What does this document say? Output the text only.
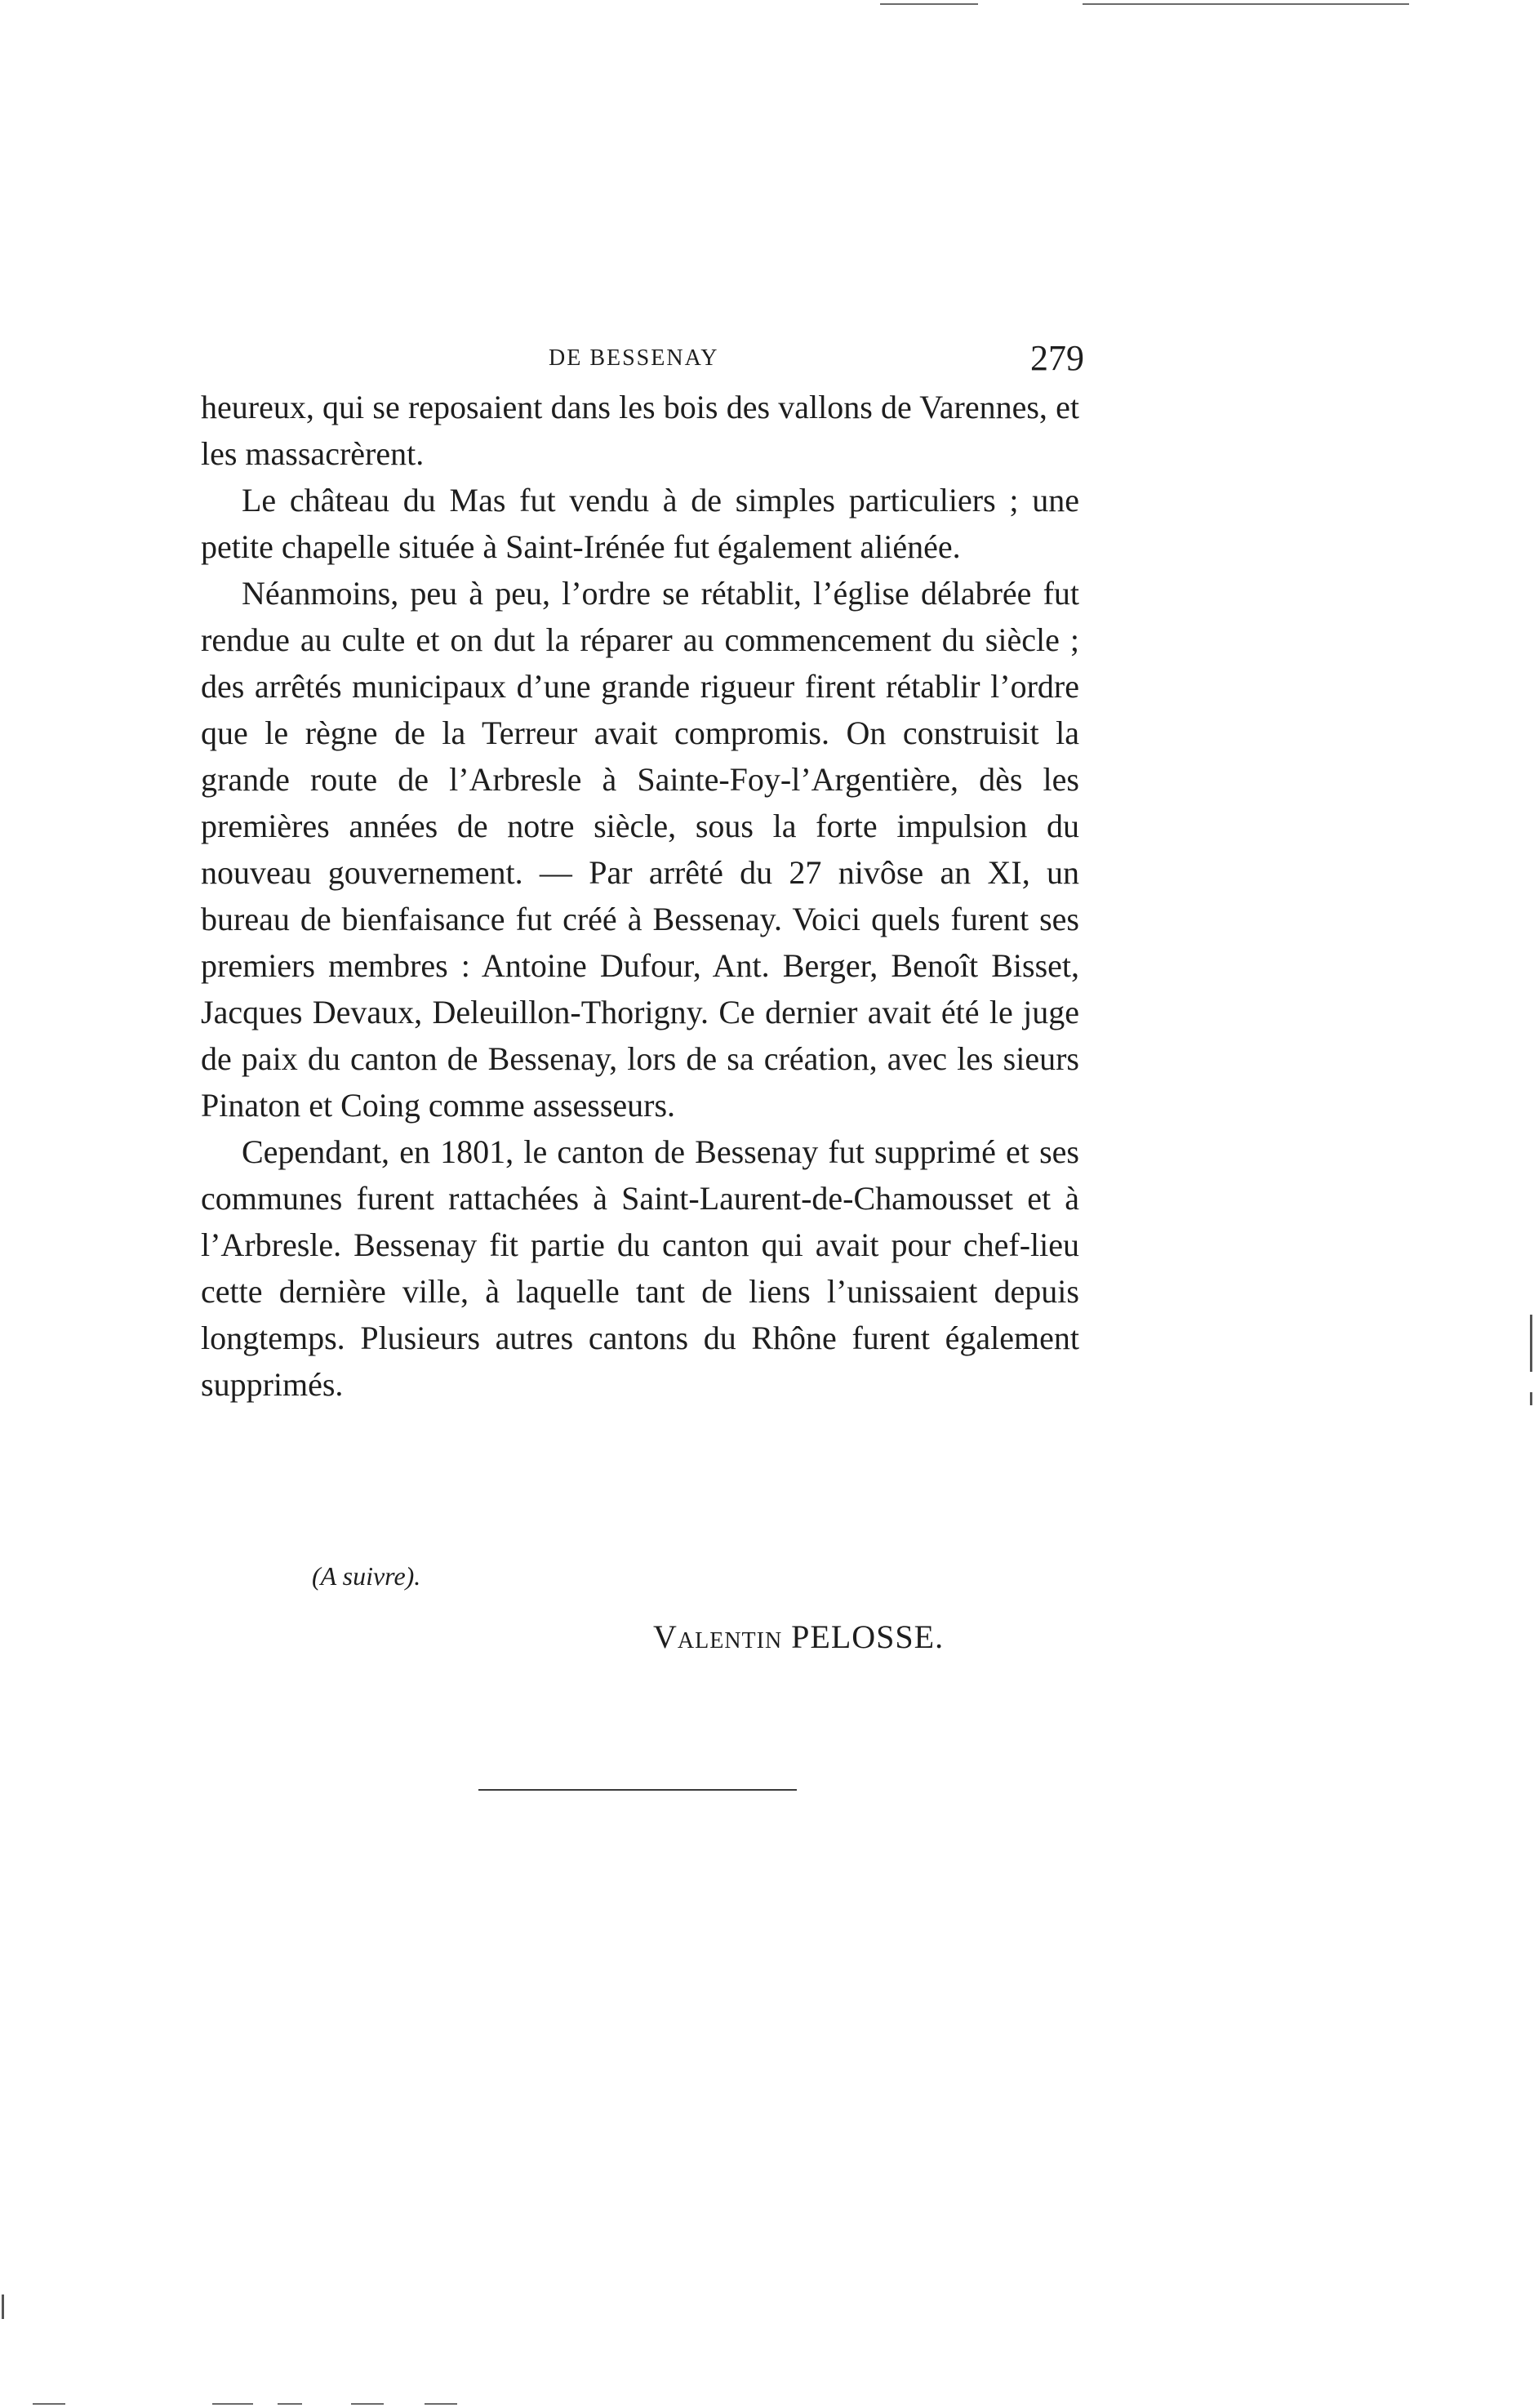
DE BESSENAY	279

heureux, qui se reposaient dans les bois des vallons de Varennes, et les massacrèrent.

Le château du Mas fut vendu à de simples particuliers ; une petite chapelle située à Saint-Irénée fut également aliénée.

Néanmoins, peu à peu, l’ordre se rétablit, l’église délabrée fut rendue au culte et on dut la réparer au commencement du siècle ; des arrêtés municipaux d’une grande rigueur firent rétablir l’ordre que le règne de la Terreur avait compromis. On construisit la grande route de l’Arbresle à Sainte-Foy-l’Argentière, dès les premières années de notre siècle, sous la forte impulsion du nouveau gouvernement. — Par arrêté du 27 nivôse an XI, un bureau de bienfaisance fut créé à Bessenay. Voici quels furent ses premiers membres : Antoine Dufour, Ant. Berger, Benoît Bisset, Jacques Devaux, Deleuillon-Thorigny. Ce dernier avait été le juge de paix du canton de Bessenay, lors de sa création, avec les sieurs Pinaton et Coing comme assesseurs.

Cependant, en 1801, le canton de Bessenay fut supprimé et ses communes furent rattachées à Saint-Laurent-de-Chamousset et à l’Arbresle. Bessenay fit partie du canton qui avait pour chef-lieu cette dernière ville, à laquelle tant de liens l’unissaient depuis longtemps. Plusieurs autres cantons du Rhône furent également supprimés.

(A suivre).
Valentin PELOSSE.
